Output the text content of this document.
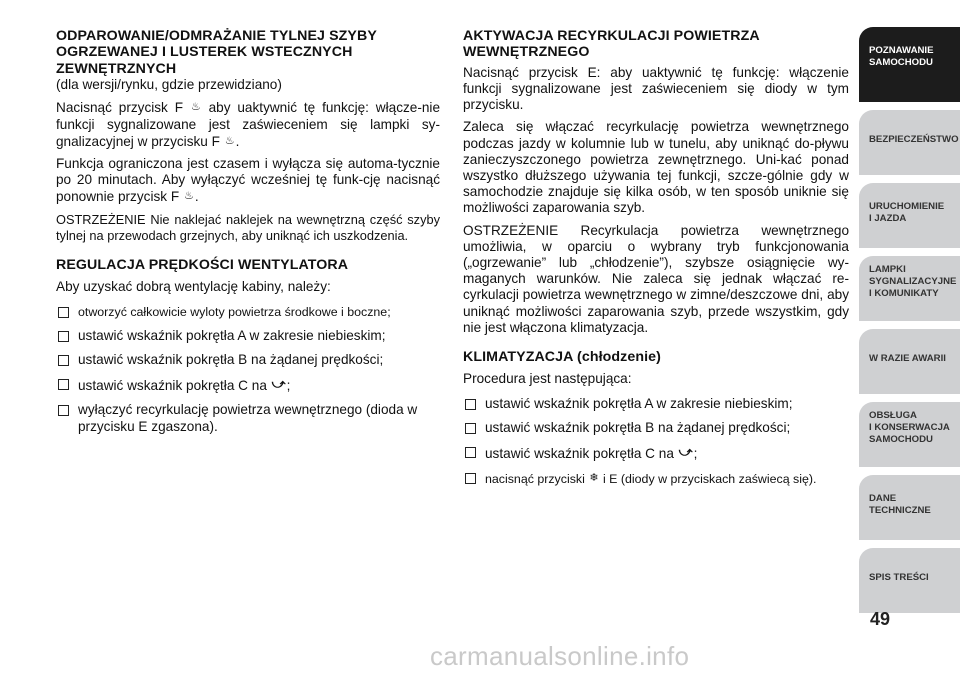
ODPAROWANIE/ODMRAŻANIE TYLNEJ SZYBY OGRZEWANEJ I LUSTEREK WSTECZNYCH ZEWNĘTRZNYCH

(dla wersji/rynku, gdzie przewidziano)

Nacisnąć przycisk F ♨ aby uaktywnić tę funkcję: włącze-nie funkcji sygnalizowane jest zaświeceniem się lampki sy-gnalizacyjnej w przycisku F ♨.

Funkcja ograniczona jest czasem i wyłącza się automa-tycznie po 20 minutach. Aby wyłączyć wcześniej tę funk-cję nacisnąć ponownie przycisk F ♨.

OSTRZEŻENIE Nie naklejać naklejek na wewnętrzną część szyby tylnej na przewodach grzejnych, aby uniknąć ich uszkodzenia.

REGULACJA PRĘDKOŚCI WENTYLATORA

Aby uzyskać dobrą wentylację kabiny, należy:

otworzyć całkowicie wyloty powietrza środkowe i boczne;
ustawić wskaźnik pokrętła A w zakresie niebieskim;
ustawić wskaźnik pokrętła B na żądanej prędkości;
ustawić wskaźnik pokrętła C na ⤻;
wyłączyć recyrkulację powietrza wewnętrznego (dioda w przycisku E zgaszona).
AKTYWACJA RECYRKULACJI POWIETRZA WEWNĘTRZNEGO

Nacisnąć przycisk E: aby uaktywnić tę funkcję: włączenie funkcji sygnalizowane jest zaświeceniem się diody w tym przycisku.

Zaleca się włączać recyrkulację powietrza wewnętrznego podczas jazdy w kolumnie lub w tunelu, aby uniknąć do-pływu zanieczyszczonego powietrza zewnętrznego. Uni-kać ponad wszystko dłuższego używania tej funkcji, szcze-gólnie gdy w samochodzie znajduje się kilka osób, w ten sposób uniknie się możliwości zaparowania szyb.

OSTRZEŻENIE Recyrkulacja powietrza wewnętrznego umożliwia, w oparciu o wybrany tryb funkcjonowania („ogrzewanie” lub „chłodzenie”), szybsze osiągnięcie wy-maganych warunków. Nie zaleca się jednak włączać re-cyrkulacji powietrza wewnętrznego w zimne/deszczowe dni, aby uniknąć możliwości zaparowania szyb, przede wszystkim, gdy nie jest włączona klimatyzacja.

KLIMATYZACJA (chłodzenie)

Procedura jest następująca:

ustawić wskaźnik pokrętła A w zakresie niebieskim;
ustawić wskaźnik pokrętła B na żądanej prędkości;
ustawić wskaźnik pokrętła C na ⤻;
nacisnąć przyciski ❄ i E (diody w przyciskach zaświecą się).
POZNAWANIE
SAMOCHODU
BEZPIECZEŃSTWO
URUCHOMIENIE
I JAZDA
LAMPKI
SYGNALIZACYJNE
I KOMUNIKATY
W RAZIE AWARII
OBSŁUGA
I KONSERWACJA
SAMOCHODU
DANE
TECHNICZNE
SPIS TREŚCI
49
carmanualsonline.info
